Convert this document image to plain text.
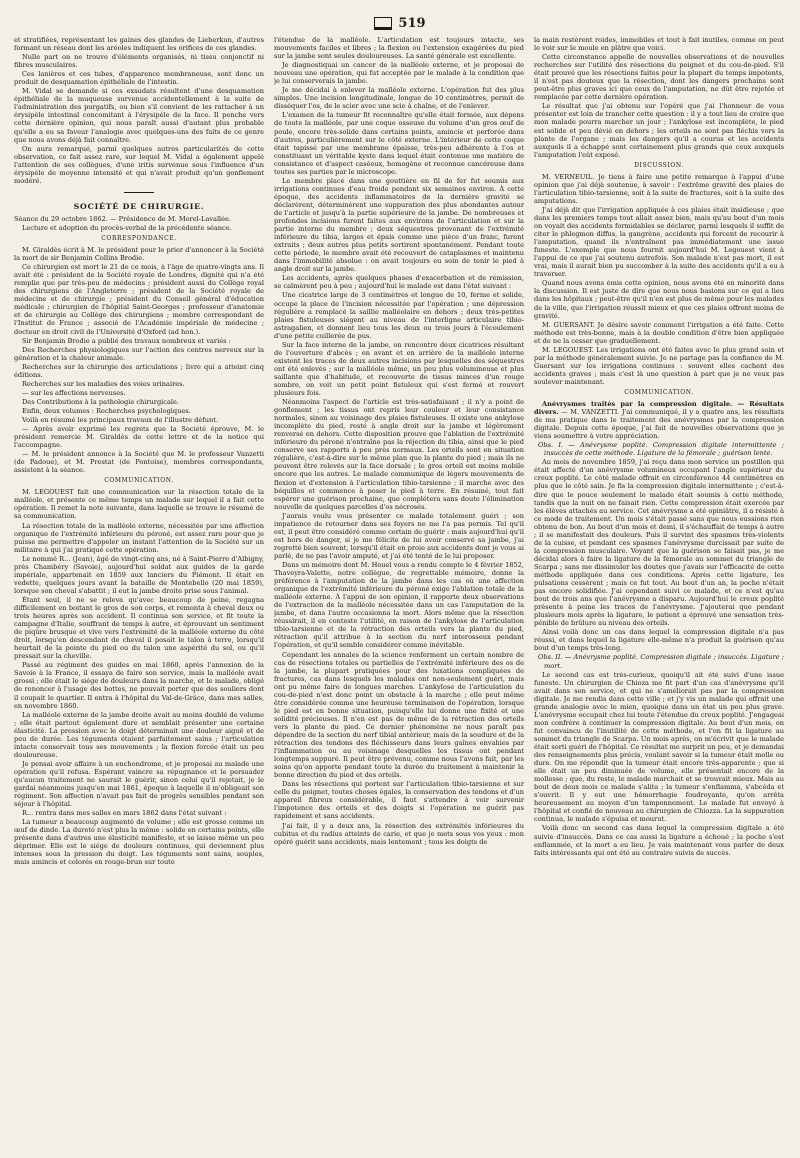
519

et stratifiées, représentant les gaines des glandes de Lieberkun, d'autres formant un réseau dont les aréoles indiquent les orifices de ces glandes.

Nulle part on ne trouve d'éléments organisés, ni tissu conjonctif ni fibres musculaires.

Ces lanières et ces tubes, d'apparence membraneuse, sont donc un produit de desquamation épithéliale de l'intestin.

M. Vidal se demande si ces exsudats résultent d'une desquamation épithéliale de la muqueuse survenue accidentellement à la suite de l'administration des purgatifs, ou bien s'il convient de les rattacher à un érysipèle intestinal concomitant à l'érysipèle de la face. Il penche vers cette dernière opinion, qui nous paraît aussi d'autant plus probable qu'elle a eu sa faveur l'analogie avec quelques-uns des faits de ce genre que nous avons déjà fait connaître.

On aura remarqué, parmi quelques autres particularités de cette observation, ce fait assez rare, sur lequel M. Vidal a également appelé l'attention de ses collègues, d'une iritis survenue sous l'influence d'un érysipèle de moyenne intensité et qui n'avait produit qu'un gonflement modéré.

SOCIÉTÉ DE CHIRURGIE.

Séance du 29 octobre 1862. — Présidence de M. Morel-Lavallée.

Lecture et adoption du procès-verbal de la précédente séance.

CORRESPONDANCE.

M. Giraldès écrit à M. le président pour le prier d'annoncer à la Société la mort de sir Benjamin Collins Brodie.

Ce chirurgien est mort le 21 de ce mois, à l'âge de quatre-vingts ans. Il avait été : président de la Société royale de Londres, dignité qui n'a été remplie que par très-peu de médecins ; président aussi du Collège royal des chirurgiens de l'Angleterre ; président de la Société royale de médecine et de chirurgie ; président du Conseil général d'éducation médicale ; chirurgien de l'hôpital Saint-Georges ; professeur d'anatomie et de chirurgie au Collège des chirurgiens ; membre correspondant de l'Institut de France ; associé de l'Académie impériale de médecine ; docteur en droit civil de l'Université d'Oxford (ad hon.).

Sir Benjamin Brodie a publié des travaux nombreux et variés :

Des Recherches physiologiques sur l'action des centres nerveux sur la génération et la chaleur animale.

Recherches sur la chirurgie des articulations ; livre qui a atteint cinq éditions.

Recherches sur les maladies des voies urinaires.

— sur les affections nerveuses.

Des Contributions à la pathologie chirurgicale.

Enfin, deux volumes : Recherches psychologiques.

Voilà en résumé les principaux travaux de l'illustre défunt.

— Après avoir exprimé les regrets que la Société éprouve, M. le président remercie M. Giraldès de cette lettre et de la notice qui l'accompagne.

— M. le président annonce à la Société que M. le professeur Vanzetti (de Padoue), et M. Prestat (de Pontoise), membres correspondants, assistent à la séance.

COMMUNICATION.

M. LEGOUEST fait une communication sur la résection totale de la malléole, et présente ce même temps un malade sur lequel il a fait cette opération. Il remet la note suivante, dans laquelle se trouve le résumé de sa communication.

La résection totale de la malléole externe, nécessitée par une affection organique de l'extrémité inférieure du péroné, est assez rare pour que je puisse me permettre d'appeler un instant l'attention de la Société sur un militaire à qui j'ai pratiqué cette opération.

Le nommé R... (Jean), âgé de vingt-cinq ans, né à Saint-Pierre d'Albigny, près Chambéry (Savoie), aujourd'hui soldat aux guides de la garde impériale, appartenait en 1859 aux lanciers du Piémont. Il était en vedette, quelques jours avant la bataille de Montebello (20 mai 1859), lorsque son cheval s'abattit ; il eut la jambe droite prise sous l'animal.

Étant seul, il ne se releva qu'avec beaucoup de peine, regagna difficilement en boitant le gros de son corps, et remonta à cheval deux ou trois heures après son accident. Il continua son service, et fit toute la campagne d'Italie, souffrant de temps à autre, et éprouvant un sentiment de piqûre brusque et vive vers l'extrémité de la malléole externe du côté droit, lorsqu'en descendant de cheval il posait le talon à terre, lorsqu'il heurtait de la pointe du pied ou du talon une aspérité du sol, ou qu'il pressait sur la cheville.

Passé au régiment des guides en mai 1860, après l'annexion de la Savoie à la France, il essaya de faire son service, mais la malléole avait grossi ; elle était le siége de douleurs dans la marche, et le malade, obligé de renoncer à l'usage des bottes, ne pouvait porter que des souliers dont il coupait le quartier. Il entra à l'hôpital du Val-de-Grâce, dans mes salles, en novembre 1860.

La malléole externe de la jambe droite avait au moins doublé de volume ; elle était partout également dure et semblait présenter une certaine élasticité. La pression avec le doigt déterminait une douleur aiguë et de peu de durée. Les téguments étaient parfaitement sains ; l'articulation intacte conservait tous ses mouvements ; la flexion forcée était un peu douloureuse.

Je pensai avoir affaire à un enchondrome, et je proposai au malade une opération qu'il refusa. Espérant vaincre sa répugnance et le persuader qu'aucun traitement ne saurait le guérir, sinon celui qu'il rejetait, je le gardai néanmoins jusqu'en mai 1861, époque à laquelle il m'obligeait son régiment. Son affection n'avait pas fait de progrès sensibles pendant son séjour à l'hôpital.

R... rentra dans mes salles en mars 1862 dans l'état suivant :

La tumeur a beaucoup augmenté de volume ; elle est grosse comme un œuf de dinde. La dureté n'est plus la même : solide en certains points, elle présente dans d'autres une élasticité manifeste, et se laisse même un peu déprimer. Elle est le siége de douleurs continues, qui deviennent plus intenses sous la pression du doigt. Les téguments sont sains, souples, mais amincis et colorés en rouge-brun sur toute

l'étendue de la malléole. L'articulation est toujours intacte, ses mouvements faciles et libres ; la flexion ou l'extension exagérées du pied sur la jambe sont seules douloureuses. La santé générale est excellente.

Je diagnostiquai un cancer de la malléole externe, et je proposai de nouveau une opération, qui fut acceptée par le malade à la condition que je lui conserverais la jambe.

Je me décidai à enlever la malléole externe. L'opération fut des plus simples. Une incision longitudinale, longue de 10 centimètres, permit de disséquer l'os, de le scier avec une scie à chaîne, et de l'enlever.

L'examen de la tumeur fit reconnaître qu'elle était formée, aux dépens de toute la malléole, par une coque osseuse du volume d'un gros œuf de poule, encore très-solide dans certains points, amincie et perforée dans d'autres, particulièrement sur le côté externe. L'intérieur de cette coque était tapissé par une membrane épaisse, très-peu adhérente à l'os et constituant un véritable kyste dans lequel était contenue une matière de consistance et d'aspect caséeux, homogène et reconnue cancéreuse dans toutes ses parties par le microscope.

Le membre placé dans une gouttière en fil de fer fut soumis aux irrigations continues d'eau froide pendant six semaines environ. À cette époque, des accidents inflammatoires de la dernière gravité se déclarèrent, déterminèrent une suppuration des plus abondantes autour de l'article et jusqu'à la partie supérieure de la jambe. De nombreuses et profondes incisions furent faites aux environs de l'articulation et sur la partie interne du membre ; deux séquestres provenant de l'extrémité inférieure du tibia, larges et épais comme une pièce d'un franc, furent extraits ; deux autres plus petits sortirent spontanément. Pendant toute cette période, le membre avait été recouvert de cataplasmes et maintenu dans l'immobilité absolue : on avait toujours eu soin de tenir le pied à angle droit sur la jambe.

Les accidents, après quelques phases d'exacerbation et de rémission, se calmèrent peu à peu ; aujourd'hui le malade est dans l'état suivant :

Une cicatrice large de 3 centimètres et longue de 10, ferme et solide, occupe la place de l'incision nécessitée par l'opération ; une dépression régulière a remplacé la saillie malléolaire en dehors ; deux très-petites plaies fistuleuses siégent au niveau de l'interligne articulaire tibio-astragalien, et donnent lieu tous les deux ou trois jours à l'écoulement d'une petite cuillerée de pus.

Sur la face interne de la jambe, on rencontre deux cicatrices résultant de l'ouverture d'abcès ; en avant et en arrière de la malléole interne existent les traces de deux autres incisions par lesquelles des séquestres ont été enlevés ; sur la malléole même, un peu plus volumineuse et plus saillante que d'habitude, et recouverte de tissus minces d'un rouge sombre, on voit un petit point fistuleux qui s'est fermé et rouvert plusieurs fois.

Néanmoins l'aspect de l'article est très-satisfaisant ; il n'y a point de gonflement ; les tissus ont repris leur couleur et leur consistance normales, sinon au voisinage des plaies fistuleuses. Il existe une ankylose incomplète du pied, resté à angle droit sur la jambe et légèrement renversé en dehors. Cette disposition prouve que l'ablation de l'extrémité inférieure du péroné n'entraîne pas la réjection du tibia, ainsi que le pied conserve ses rapports à peu près normaux. Les orteils sont en situation régulière, c'est-à-dire sur le même plan que la plante du pied ; mais ils ne peuvent être relevés sur la face dorsale ; le gros orteil est moins mobile encore que les autres. Le malade communique de légers mouvements de flexion et d'extension à l'articulation tibio-tarsienne ; il marche avec des béquilles et commence à poser le pied à terre. En résumé, tout fait espérer une guérison prochaine, que complétera sans doute l'élimination nouvelle de quelques parcelles d'os nécrosés.

J'aurais voulu vous présenter ce malade totalement guéri ; son impatience de retourner dans ses foyers ne me l'a pas permis. Tel qu'il est, il peut être considéré comme certain de guérir : mais aujourd'hui qu'il est hors de danger, si je me félicite de lui avoir conservé sa jambe, j'ai regretté bien souvent, lorsqu'il était en proie aux accidents dont je vous ai parlé, de ne pas l'avoir amputé, et j'ai été tenté de le lui proposer.

Dans un mémoire dont M. Houel vous a rendu compte le 4 février 1852, Thaveyra-Valette, notre collègue, de regrettable mémoire, donne la préférence à l'amputation de la jambe dans les cas où une affection organique de l'extrémité inférieure du péroné exige l'ablation totale de la malléole externe. À l'appui de son opinion, il rapporte deux observations de l'extraction de la malléole nécessitée dans un cas l'amputation de la jambe, et dans l'autre occasionna la mort. Alors même que la résection réussirait, il en conteste l'utilité, en raison de l'ankylose de l'articulation tibio-tarsienne et de la rétraction des orteils vers la plante du pied, rétraction qu'il attribue à la section du nerf interosseux pendant l'opération, et qu'il semble considérer comme inévitable.

Cependant les annales de la science renferment un certain nombre de cas de résections totales ou partielles de l'extrémité inférieure des os de la jambe, la plupart pratiquées pour des luxations compliquées de fractures, cas dans lesquels les malades ont non-seulement guéri, mais ont pu même faire de longues marches. L'ankylose de l'articulation du cou-de-pied n'est donc point un obstacle à la marche ; elle peut même être considérée comme une heureuse terminaison de l'opération, lorsque le pied est en bonne situation, puisqu'elle lui donne une fixité et une solidité précieuses. Il n'en est pas de même de la rétraction des orteils vers la plante du pied. Ce dernier phénomène ne nous paraît pas dépendre de la section du nerf tibial antérieur, mais de la soudure et de la rétraction des tendons des fléchisseurs dans leurs gaînes envahies par l'inflammation ou au voisinage desquelles les tissus ont pendant longtemps suppuré. Il peut être prévenu, comme nous l'avons fait, par les soins qu'on apporte pendant toute la durée du traitement à maintenir la bonne direction du pied et des orteils.

Dans les résections qui portent sur l'articulation tibio-tarsienne et sur celle du poignet, toutes choses égales, la conservation des tendons et d'un appareil fibreux considérable, il faut s'attendre à voir survenir l'impotence des orteils et des doigts si l'opération ne guérit pas rapidement et sans accidents.

J'ai fait, il y a deux ans, la résection des extrémités inférieures du cubitus et du radius atteints de carie, et que je mets sous vos yeux : mon opéré guérit sans accidents, mais lentement ; tous les doigts de

la main restèrent roides, immobiles et tout à fait inutiles, comme on peut le voir sur le moule en plâtre que voici.

Cette circonstance appelle de nouvelles observations et de nouvelles recherches sur l'utilité des résections du poignet et du cou-de-pied. S'il était prouvé que les résections faites pour la plupart du temps impotents, il n'est pas douteux que la résection, dont les dangers prochains sont peut-être plus graves ici que ceux de l'amputation, ne dût être rejetée et remplacée par cette dernière opération.

Le résultat que j'ai obtenu sur l'opéré que j'ai l'honneur de vous présenter est loin de trancher cette question : il y a tout lieu de croire que mon malade pourra marcher un jour ; l'ankylose est incomplète, le pied est solide et peu dévié en dehors ; les orteils ne sont pas fléchis vers la plante de l'organe ; mais les dangers qu'il a courus et les accidents auxquels il a échappé sont certainement plus grands que ceux auxquels l'amputation l'eût exposé.

DISCUSSION.

M. VERNEUIL. Je tiens à faire une petite remarque à l'appui d'une opinion que j'ai déjà soutenue, à savoir : l'extrême gravité des plaies de l'articulation tibio-tarsienne, soit à la suite de fractures, soit à la suite des amputations.

J'ai déjà dit que l'irrigation appliquée à ces plaies était insidieuse ; que dans les premiers temps tout allait assez bien, mais qu'au bout d'un mois on voyait des accidents formidables se déclarer, parmi lesquels il suffit de citer le phlegmon diffus, la gangrène, accidents qui forcent de recourir à l'amputation, quand ils n'entraînent pas immédiatement une issue funeste. L'exemple que nous fournit aujourd'hui M. Legouest vient à l'appui de ce que j'ai soutenu autrefois. Son malade n'est pas mort, il est vrai, mais il aurait bien pu succomber à la suite des accidents qu'il a eu à traverser.

Quand nous avons émis cette opinion, nous avons été en minorité dans la discussion. Il est juste de dire que nous nous basions sur ce qui a lieu dans les hôpitaux ; peut-être qu'il n'en est plus de même pour les malades de la ville, que l'irrigation réussit mieux et que ces plaies offrent moins de gravité.

M. GUERSANT. Je désire savoir comment l'irrigation a été faite. Cette méthode est très-bonne, mais à la double condition d'être bien appliquée et de ne la cesser que graduellement.

M. LEGOUEST. Les irrigations ont été faites avec le plus grand soin et par la méthode généralement suivie. Je ne partage pas la confiance de M. Guersant sur les irrigations continues : souvent elles cachent des accidents graves ; mais c'est là une question à part que je ne veux pas soulever maintenant.

COMMUNICATION.

Anévrysmes traités par la compression digitale. — Résultats divers. — M. VANZETTI. J'ai communiqué, il y a quatre ans, les résultats de ma pratique dans le traitement des anévrysmes par la compression digitale. Depuis cette époque, j'ai fait de nouvelles observations que je viens soumettre à votre appréciation.

Obs. I. — Anévrysme poplité. Compression digitale intermittente ; insuccès de cette méthode. Ligature de la fémorale ; guérison lente.

Au mois de novembre 1859, j'ai reçu dans mon service un postillon qui était affecté d'un anévrysme volumineux occupant l'angle supérieur du creux poplité. Le côté malade offrait en circonférence 44 centimètres en plus que le côté sain. Je fis la compression digitale intermittente ; c'est-à-dire que le pouce seulement le malade était soumis à cette méthode, tandis que la nuit on ne faisait rien. Cette compression était exercée par les élèves attachés au service. Cet anévrysme a été opiniâtre, il a résisté à ce mode de traitement. Un mois s'était passé sans que nous eussions rien obtenu de bon. Au bout d'un mois et demi, il s'échauffait de temps à autre ; il se manifestait des douleurs. Puis il survint des spasmes très-violents de la cuisse, et pendant ces spasmes l'anévrysme durcissait par suite de la compression musculaire. Voyant que la guérison se faisait pas, je me décidai alors à faire la ligature de la fémorale au sommet du triangle de Scarpa ; sans me dissimuler les doutes que j'avais sur l'efficacité de cette méthode appliquée dans ces conditions. Après cette ligature, les pulsations cessèrent ; mais ce fut tout. Au bout d'un an, la poche n'était pas encore solidifiée. J'ai cependant suivi ce malade, et ce n'est qu'au bout de trois ans que l'anévrysme a disparu. Aujourd'hui le creux poplité présente à peine les traces de l'anévrysme. J'ajouterai que pendant plusieurs mois après la ligature, le patient a éprouvé une sensation très-pénible de brûlure au niveau des orteils.

Ainsi voilà donc un cas dans lequel la compression digitale n'a pas réussi, et dans lequel la ligature elle-même n'a produit la guérison qu'au bout d'un temps très-long.

Obs. II. — Anévrysme poplité. Compression digitale ; insuccès. Ligature ; mort.

Le second cas est très-curieux, quoiqu'il ait été suivi d'une issue funeste. Un chirurgien de Chioza me fit part d'un cas d'anévrysme qu'il avait dans son service, et qui ne s'améliorait pas par la compression digitale. Je me rendis dans cette ville ; et j'y vis un malade qui offrait une grande analogie avec le mien, quoique dans un état un peu plus grave. L'anévrysme occupait chez lui toute l'étendue du creux poplité. J'engageai mon confrère à continuer la compression digitale. Au bout d'un mois, on fut convaincu de l'inutilité de cette méthode, et l'on fit la ligature au sommet du triangle de Scarpa. Un mois après, on m'écrivit que le malade était sorti guéri de l'hôpital. Ce résultat me surprit un peu, et je demandai des renseignements plus précis, voulant savoir si la tumeur était molle ou dure. On me répondit que la tumeur était encore très-apparente ; que si elle était un peu diminuée de volume, elle présentait encore de la mollesse ; que, du reste, le malade marchait et se trouvait mieux. Mais au bout de deux mois ce malade s'alita ; la tumeur s'enflamma, s'abcéda et s'ouvrit. Il y eut une hémorrhagie foudroyante, qu'on arrêta heureusement au moyen d'un tamponnement. Le malade fut envoyé à l'hôpital et confié de nouveau au chirurgien de Chiozza. La la suppuration continua, le malade s'épuisa et mourut.

Voilà donc un second cas dans lequel la compression digitale a été suivie d'insuccès. Dans ce cas aussi la ligature a échoué ; la poche s'est enflammée, et la mort a eu lieu. Je vais maintenant vous parler de deux faits intéressants qui ont été au contraire suivis de succès.
